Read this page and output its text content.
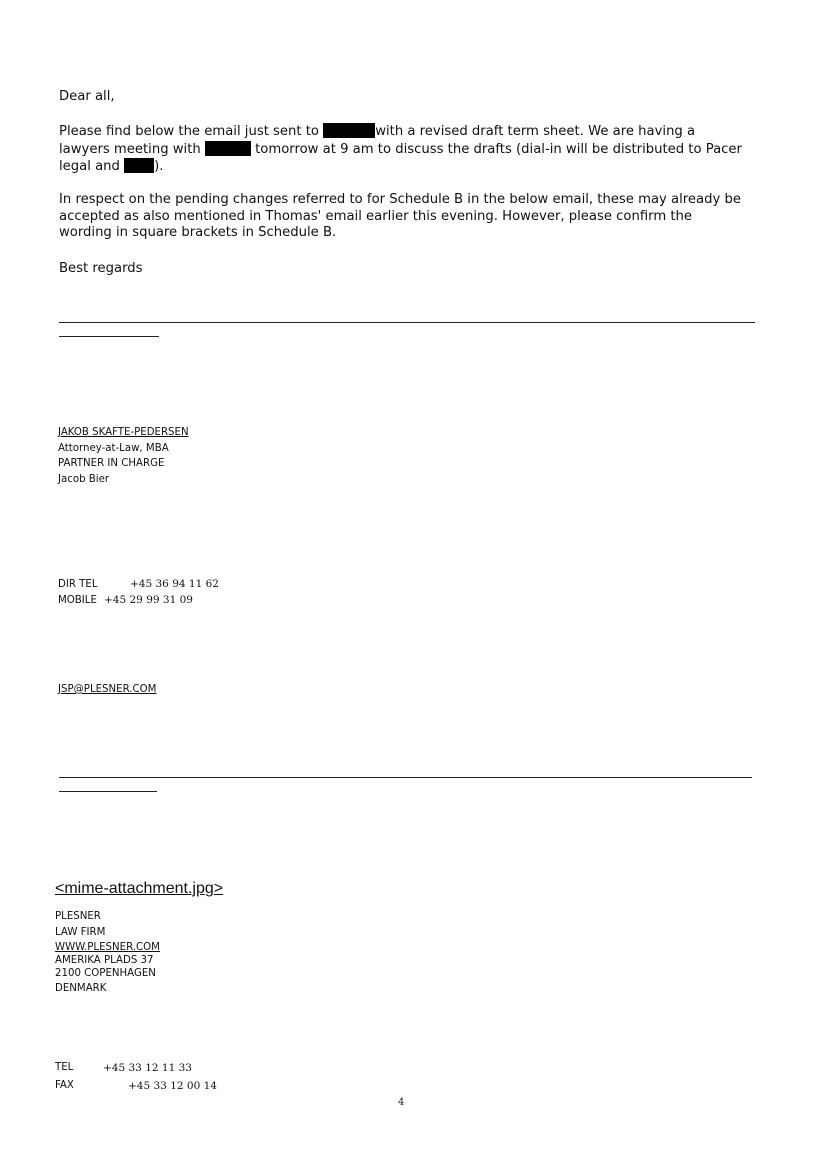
Dear all,
Please find below the email just sent to	with a revised draft term sheet. We are having a
lawyers meeting with	tomorrow at 9 am to discuss the drafts (dial-in will be distributed to Pacer
legal and ).
In respect on the pending changes referred to for Schedule B in the below email, these may already be
accepted as also mentioned in Thomas' email earlier this evening. However, please confirm the
wording in square brackets in Schedule B.
Best regards
JAKOB SKAFTE-PEDERSEN
Attorney-at-Law, MBA
PARTNER IN CHARGE
Jacob Bier
DIR TEL	+45 36 94 11 62
MOBILE +45 29 99 31 09
JSP@PLESNER.COM
<mime-attachment.jpg>
PLESNER
LAW FIRM
WWW.PLESNER.COM
AMERIKA PLADS 37
2100 COPENHAGEN
DENMARK
TEL	+45 33 12 11 33
FAX	+45 33 12 00 14
4
